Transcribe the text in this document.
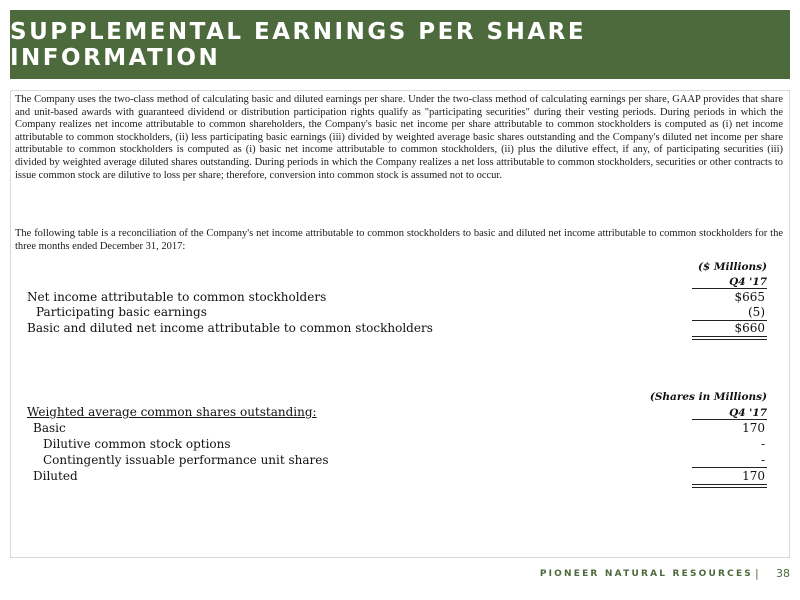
SUPPLEMENTAL EARNINGS PER SHARE INFORMATION

The Company uses the two-class method of calculating basic and diluted earnings per share. Under the two-class method of calculating earnings per share, GAAP provides that share and unit-based awards with guaranteed dividend or distribution participation rights qualify as "participating securities" during their vesting periods. During periods in which the Company realizes net income attributable to common shareholders, the Company's basic net income per share attributable to common stockholders is computed as (i) net income attributable to common stockholders, (ii) less participating basic earnings (iii) divided by weighted average basic shares outstanding and the Company's diluted net income per share attributable to common stockholders is computed as (i) basic net income attributable to common stockholders, (ii) plus the dilutive effect, if any, of participating securities (iii) divided by weighted average diluted shares outstanding. During periods in which the Company realizes a net loss attributable to common stockholders, securities or other contracts to issue common stock are dilutive to loss per share; therefore, conversion into common stock is assumed not to occur.

The following table is a reconciliation of the Company's net income attributable to common stockholders to basic and diluted net income attributable to common stockholders for the three months ended December 31, 2017:

($ Millions)
Q4 '17
Net income attributable to common stockholders	$665
Participating basic earnings	(5)
Basic and diluted net income attributable to common stockholders	$660
(Shares in Millions)
Weighted average common shares outstanding:	Q4 '17
Basic	170
Dilutive common stock options	-
Contingently issuable performance unit shares	-
Diluted	170
PIONEER NATURAL RESOURCES |	38
